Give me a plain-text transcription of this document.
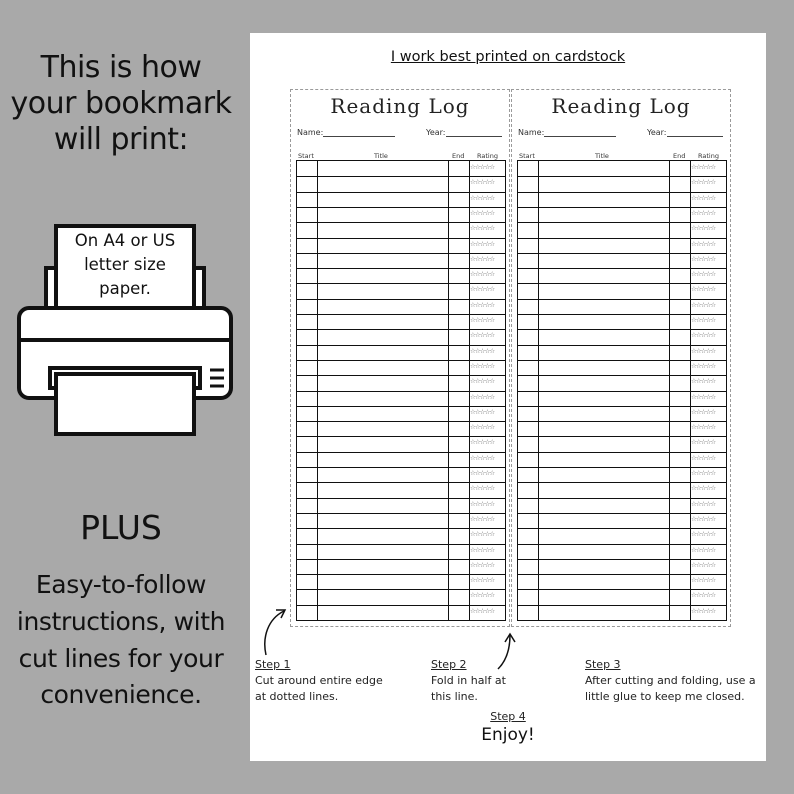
This is how your bookmark will print:
On A4 or US letter size paper.
PLUS
Easy-to-follow instructions, with cut lines for your convenience.
I work best printed on cardstock
Reading Log
Name:	Year:
Start	Title	End Rating
☆☆☆☆☆
☆☆☆☆☆
☆☆☆☆☆
☆☆☆☆☆
☆☆☆☆☆
☆☆☆☆☆
☆☆☆☆☆
☆☆☆☆☆
☆☆☆☆☆
☆☆☆☆☆
☆☆☆☆☆
☆☆☆☆☆
☆☆☆☆☆
☆☆☆☆☆
☆☆☆☆☆
☆☆☆☆☆
☆☆☆☆☆
☆☆☆☆☆
☆☆☆☆☆
☆☆☆☆☆
☆☆☆☆☆
☆☆☆☆☆
☆☆☆☆☆
☆☆☆☆☆
☆☆☆☆☆
☆☆☆☆☆
☆☆☆☆☆
☆☆☆☆☆
☆☆☆☆☆
☆☆☆☆☆
Reading Log
Name:	Year:
Start	Title	End Rating
☆☆☆☆☆
☆☆☆☆☆
☆☆☆☆☆
☆☆☆☆☆
☆☆☆☆☆
☆☆☆☆☆
☆☆☆☆☆
☆☆☆☆☆
☆☆☆☆☆
☆☆☆☆☆
☆☆☆☆☆
☆☆☆☆☆
☆☆☆☆☆
☆☆☆☆☆
☆☆☆☆☆
☆☆☆☆☆
☆☆☆☆☆
☆☆☆☆☆
☆☆☆☆☆
☆☆☆☆☆
☆☆☆☆☆
☆☆☆☆☆
☆☆☆☆☆
☆☆☆☆☆
☆☆☆☆☆
☆☆☆☆☆
☆☆☆☆☆
☆☆☆☆☆
☆☆☆☆☆
☆☆☆☆☆
Step 1
Cut around entire edge at dotted lines.
Step 2
Fold in half at this line.
Step 3
After cutting and folding, use a little glue to keep me closed.
Step 4
Enjoy!
